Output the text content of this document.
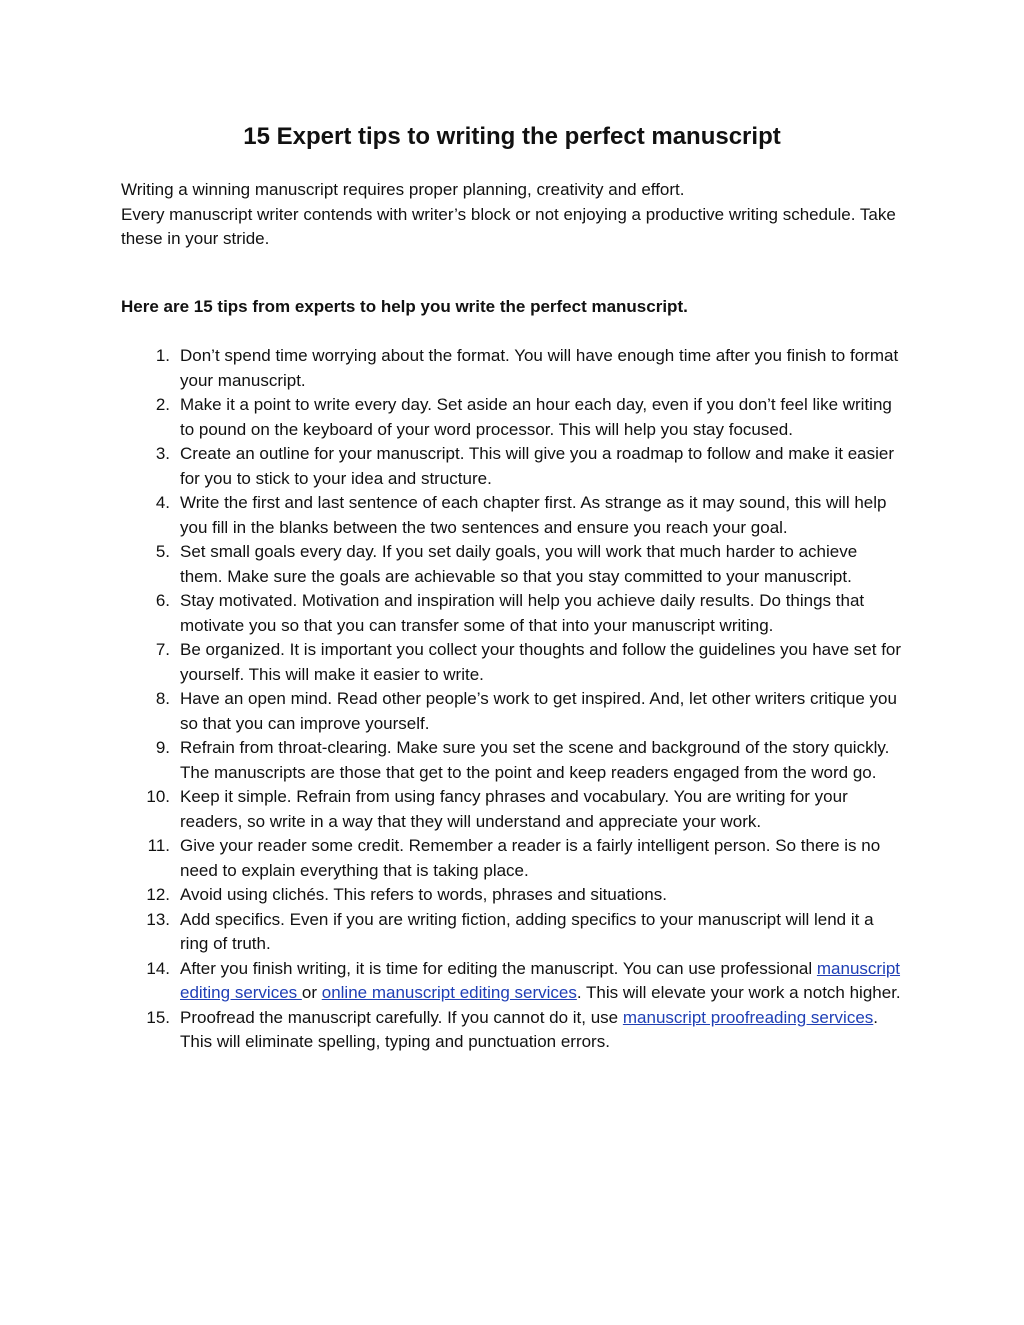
15 Expert tips to writing the perfect manuscript

Writing a winning manuscript requires proper planning, creativity and effort.

Every manuscript writer contends with writer’s block or not enjoying a productive writing schedule. Take these in your stride.

Here are 15 tips from experts to help you write the perfect manuscript.

1. Don’t spend time worrying about the format. You will have enough time after you finish to format your manuscript.
2. Make it a point to write every day. Set aside an hour each day, even if you don’t feel like writing to pound on the keyboard of your word processor. This will help you stay focused.
3. Create an outline for your manuscript. This will give you a roadmap to follow and make it easier for you to stick to your idea and structure.
4. Write the first and last sentence of each chapter first. As strange as it may sound, this will help you fill in the blanks between the two sentences and ensure you reach your goal.
5. Set small goals every day. If you set daily goals, you will work that much harder to achieve them. Make sure the goals are achievable so that you stay committed to your manuscript.
6. Stay motivated. Motivation and inspiration will help you achieve daily results. Do things that motivate you so that you can transfer some of that into your manuscript writing.
7. Be organized. It is important you collect your thoughts and follow the guidelines you have set for yourself. This will make it easier to write.
8. Have an open mind. Read other people’s work to get inspired. And, let other writers critique you so that you can improve yourself.
9. Refrain from throat-clearing. Make sure you set the scene and background of the story quickly. The manuscripts are those that get to the point and keep readers engaged from the word go.
10. Keep it simple. Refrain from using fancy phrases and vocabulary. You are writing for your readers, so write in a way that they will understand and appreciate your work.
11. Give your reader some credit. Remember a reader is a fairly intelligent person. So there is no need to explain everything that is taking place.
12. Avoid using clichés. This refers to words, phrases and situations.
13. Add specifics. Even if you are writing fiction, adding specifics to your manuscript will lend it a ring of truth.
14. After you finish writing, it is time for editing the manuscript. You can use professional manuscript editing services or online manuscript editing services. This will elevate your work a notch higher.
15. Proofread the manuscript carefully. If you cannot do it, use manuscript proofreading services. This will eliminate spelling, typing and punctuation errors.
